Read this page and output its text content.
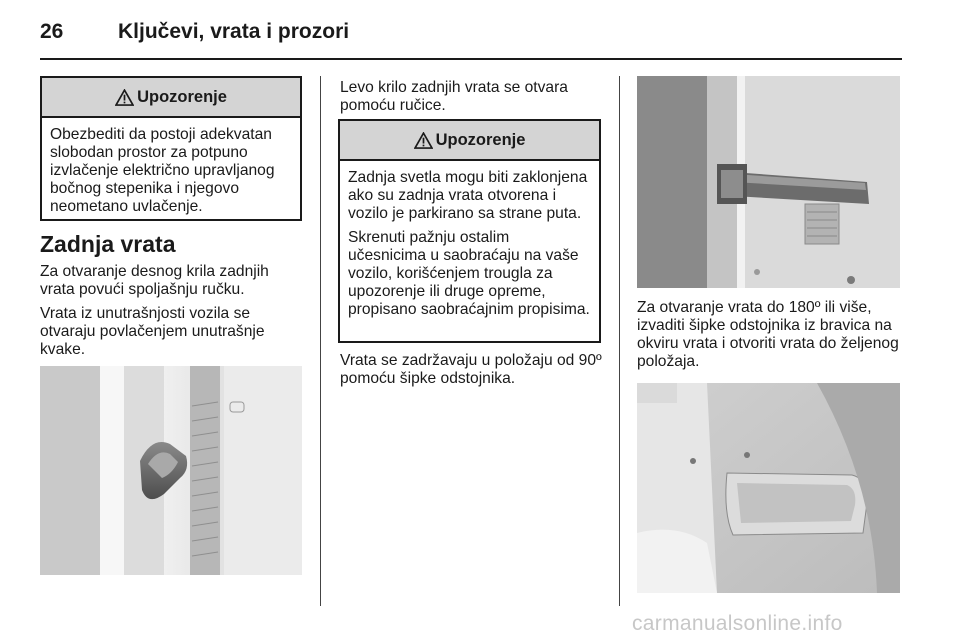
26	Ključevi, vrata i prozori
Upozorenje

Obezbediti da postoji adekvatan slobodan prostor za potpuno izvlačenje električno upravljanog bočnog stepenika i njegovo neometano uvlačenje.

Zadnja vrata

Za otvaranje desnog krila zadnjih vrata povući spoljašnju ručku.

Vrata iz unutrašnjosti vozila se otvaraju povlačenjem unutrašnje kvake.

Levo krilo zadnjih vrata se otvara pomoću ručice.

Upozorenje

Zadnja svetla mogu biti zaklonjena ako su zadnja vrata otvorena i vozilo je parkirano sa strane puta.

Skrenuti pažnju ostalim učesnicima u saobraćaju na vaše vozilo, korišćenjem trougla za upozorenje ili druge opreme, propisano saobraćajnim propisima.

Vrata se zadržavaju u položaju od 90º pomoću šipke odstojnika.

Za otvaranje vrata do 180º ili više, izvaditi šipke odstojnika iz bravica na okviru vrata i otvoriti vrata do željenog položaja.

carmanualsonline.info
